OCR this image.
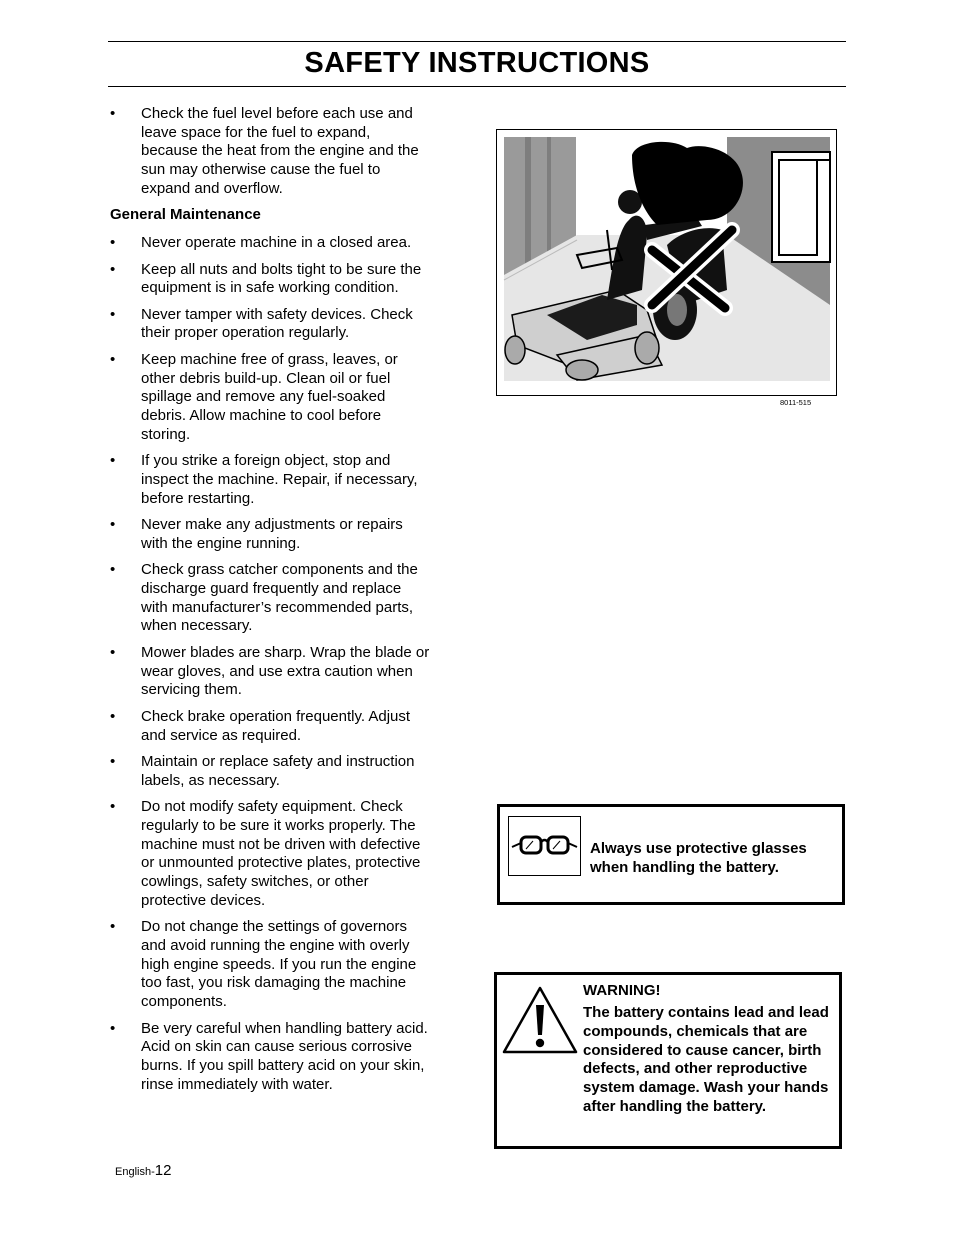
SAFETY INSTRUCTIONS
• Check the fuel level before each use and leave space for the fuel to expand, because the heat from the engine and the sun may otherwise cause the fuel to expand and overflow.
General Maintenance
• Never operate machine in a closed area.
• Keep all nuts and bolts tight to be sure the equipment is in safe working condition.
• Never tamper with safety devices. Check their proper operation regularly.
• Keep machine free of grass, leaves, or other debris build-up. Clean oil or fuel spillage and remove any fuel-soaked debris. Allow machine to cool before storing.
• If you strike a foreign object, stop and inspect the machine. Repair, if necessary, before restarting.
• Never make any adjustments or repairs with the engine running.
• Check grass catcher components and the discharge guard frequently and replace with manufacturer’s recommended parts, when necessary.
• Mower blades are sharp. Wrap the blade or wear gloves, and use extra caution when servicing them.
• Check brake operation frequently. Adjust and service as required.
• Maintain or replace safety and instruction labels, as necessary.
• Do not modify safety equipment. Check regularly to be sure it works properly. The machine must not be driven with defective or unmounted protective plates, protective cowlings, safety switches, or other protective devices.
• Do not change the settings of governors and avoid running the engine with overly high engine speeds. If you run the engine too fast, you risk damaging the machine components.
• Be very careful when handling battery acid. Acid on skin can cause serious corrosive burns. If you spill battery acid on your skin, rinse immediately with water.
8011-515
Always use protective glasses when handling the battery.
WARNING!
The battery contains lead and lead compounds, chemicals that are considered to cause cancer, birth defects, and other reproductive system damage. Wash your hands after handling the battery.
English-12
